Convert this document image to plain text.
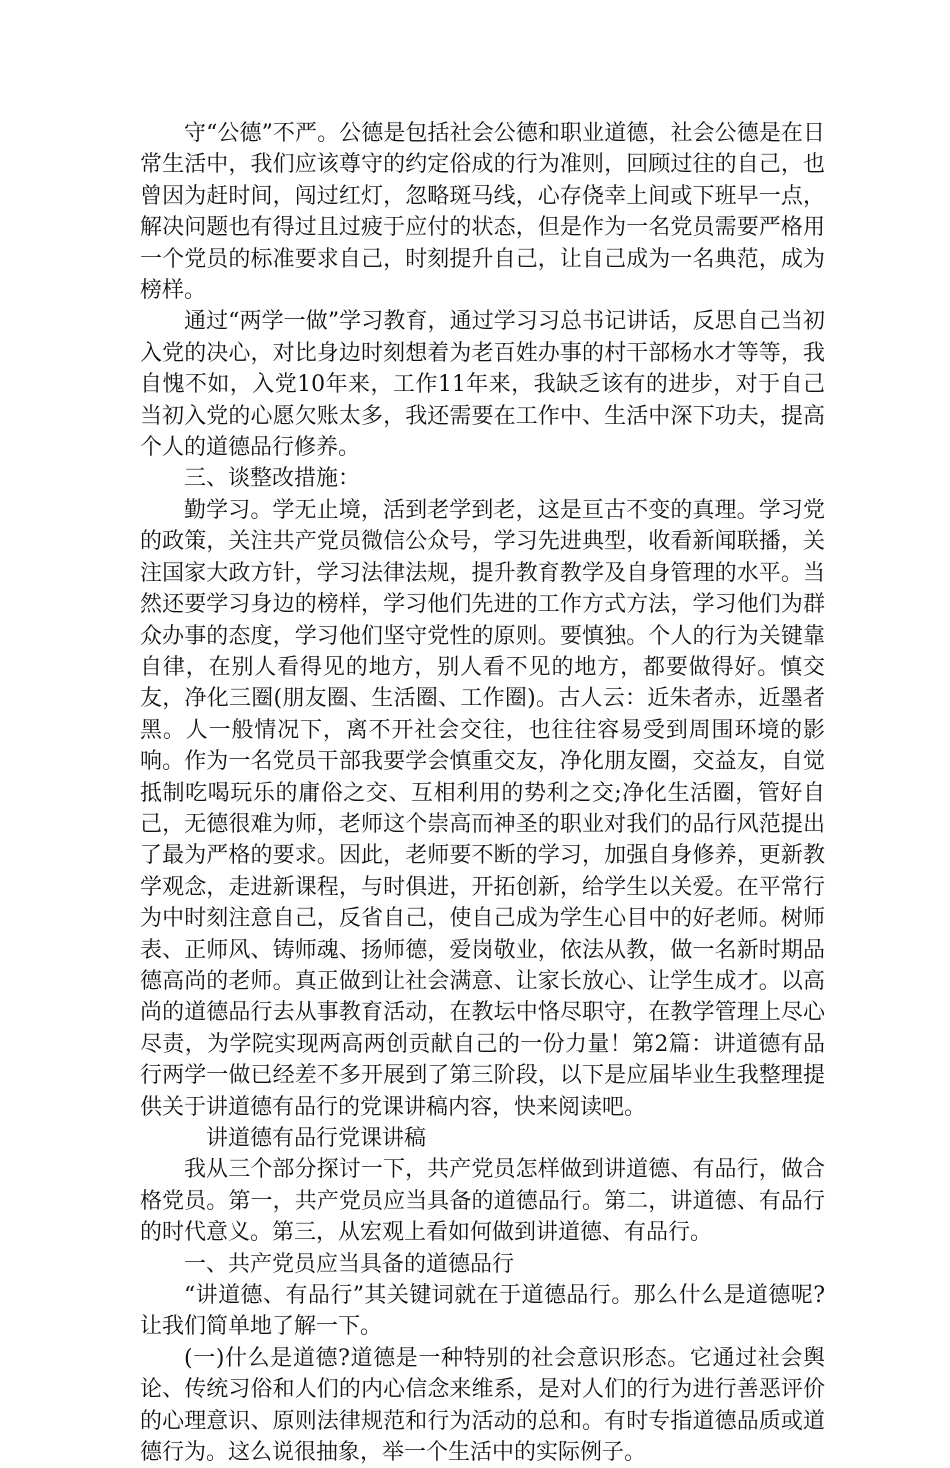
守“公德”不严。公德是包括社会公德和职业道德，社会公德是在日常生活中，我们应该尊守的约定俗成的行为准则，回顾过往的自己，也曾因为赶时间，闯过红灯，忽略斑马线，心存侥幸上间或下班早一点，解决问题也有得过且过疲于应付的状态，但是作为一名党员需要严格用一个党员的标准要求自己，时刻提升自己，让自己成为一名典范，成为榜样。

通过“两学一做”学习教育，通过学习习总书记讲话，反思自己当初入党的决心，对比身边时刻想着为老百姓办事的村干部杨水才等等，我自愧不如，入党10年来，工作11年来，我缺乏该有的进步，对于自己当初入党的心愿欠账太多，我还需要在工作中、生活中深下功夫，提高个人的道德品行修养。

三、谈整改措施：

勤学习。学无止境，活到老学到老，这是亘古不变的真理。学习党的政策，关注共产党员微信公众号，学习先进典型，收看新闻联播，关注国家大政方针，学习法律法规，提升教育教学及自身管理的水平。当然还要学习身边的榜样，学习他们先进的工作方式方法，学习他们为群众办事的态度，学习他们坚守党性的原则。要慎独。个人的行为关键靠自律，在别人看得见的地方，别人看不见的地方，都要做得好。慎交友，净化三圈(朋友圈、生活圈、工作圈)。古人云：近朱者赤，近墨者黑。人一般情况下，离不开社会交往，也往往容易受到周围环境的影响。作为一名党员干部我要学会慎重交友，净化朋友圈，交益友，自觉抵制吃喝玩乐的庸俗之交、互相利用的势利之交;净化生活圈，管好自己，无德很难为师，老师这个崇高而神圣的职业对我们的品行风范提出了最为严格的要求。因此，老师要不断的学习，加强自身修养，更新教学观念，走进新课程，与时俱进，开拓创新，给学生以关爱。在平常行为中时刻注意自己，反省自己，使自己成为学生心目中的好老师。树师表、正师风、铸师魂、扬师德，爱岗敬业，依法从教，做一名新时期品德高尚的老师。真正做到让社会满意、让家长放心、让学生成才。以高尚的道德品行去从事教育活动，在教坛中恪尽职守，在教学管理上尽心尽责，为学院实现两高两创贡献自己的一份力量！第2篇：讲道德有品行两学一做已经差不多开展到了第三阶段，以下是应届毕业生我整理提供关于讲道德有品行的党课讲稿内容，快来阅读吧。

讲道德有品行党课讲稿

我从三个部分探讨一下，共产党员怎样做到讲道德、有品行，做合格党员。第一，共产党员应当具备的道德品行。第二，讲道德、有品行的时代意义。第三，从宏观上看如何做到讲道德、有品行。

一、共产党员应当具备的道德品行

“讲道德、有品行”其关键词就在于道德品行。那么什么是道德呢?让我们简单地了解一下。

(一)什么是道德?道德是一种特别的社会意识形态。它通过社会舆论、传统习俗和人们的内心信念来维系，是对人们的行为进行善恶评价的心理意识、原则法律规范和行为活动的总和。有时专指道德品质或道德行为。这么说很抽象，举一个生活中的实际例子。
